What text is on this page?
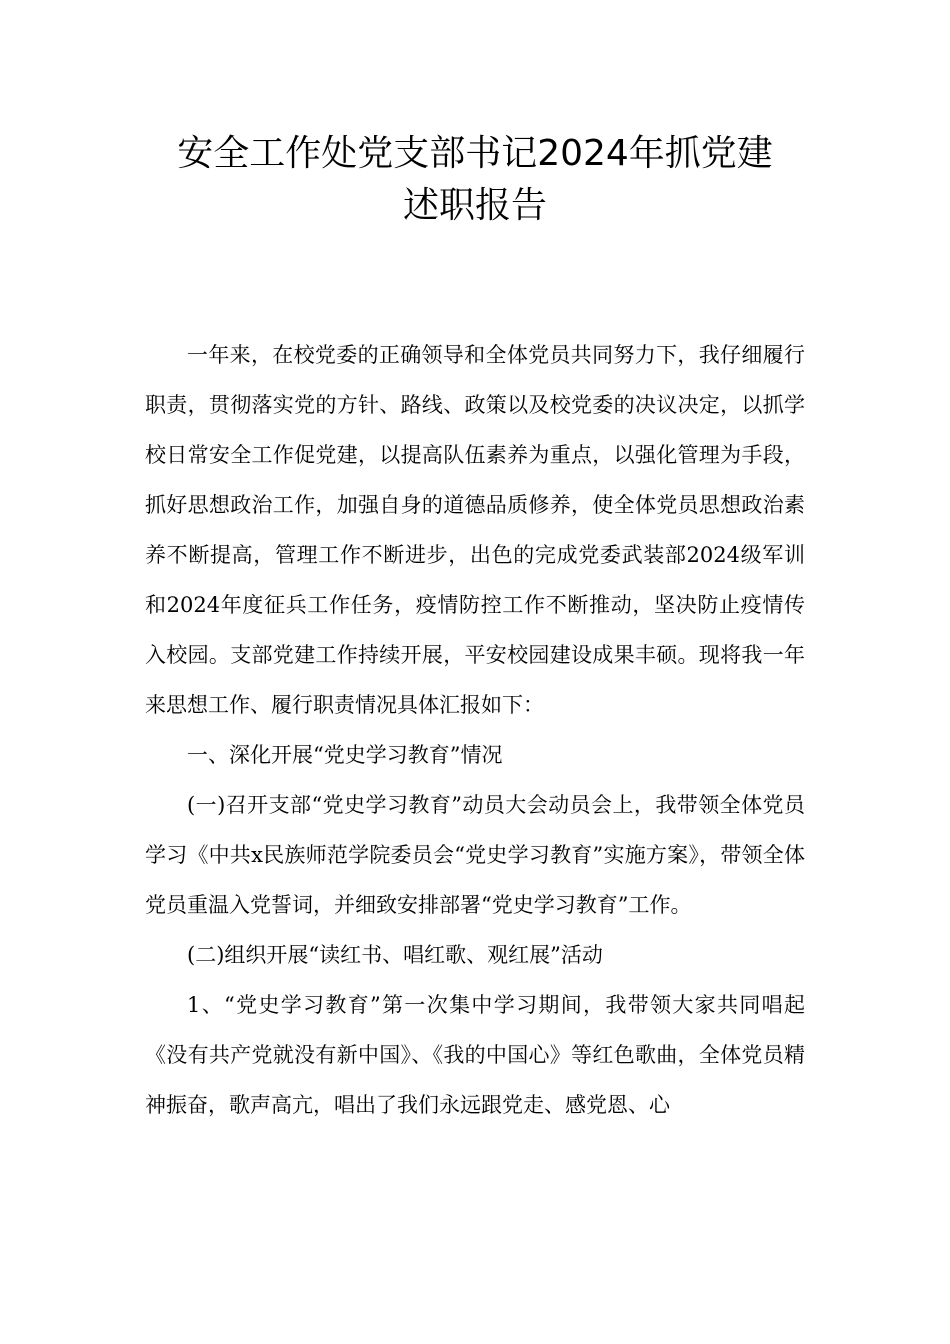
安全工作处党支部书记2024年抓党建
述职报告

一年来，在校党委的正确领导和全体党员共同努力下，我仔细履行职责，贯彻落实党的方针、路线、政策以及校党委的决议决定，以抓学校日常安全工作促党建，以提高队伍素养为重点，以强化管理为手段，抓好思想政治工作，加强自身的道德品质修养，使全体党员思想政治素养不断提高，管理工作不断进步，出色的完成党委武装部2024级军训和2024年度征兵工作任务，疫情防控工作不断推动，坚决防止疫情传入校园。支部党建工作持续开展，平安校园建设成果丰硕。现将我一年来思想工作、履行职责情况具体汇报如下：

一、深化开展“党史学习教育”情况

(一)召开支部“党史学习教育”动员大会动员会上，我带领全体党员学习《中共x民族师范学院委员会“党史学习教育”实施方案》，带领全体党员重温入党誓词，并细致安排部署“党史学习教育”工作。

(二)组织开展“读红书、唱红歌、观红展”活动

1、“党史学习教育”第一次集中学习期间，我带领大家共同唱起《没有共产党就没有新中国》、《我的中国心》等红色歌曲，全体党员精神振奋，歌声高亢，唱出了我们永远跟党走、感党恩、心
